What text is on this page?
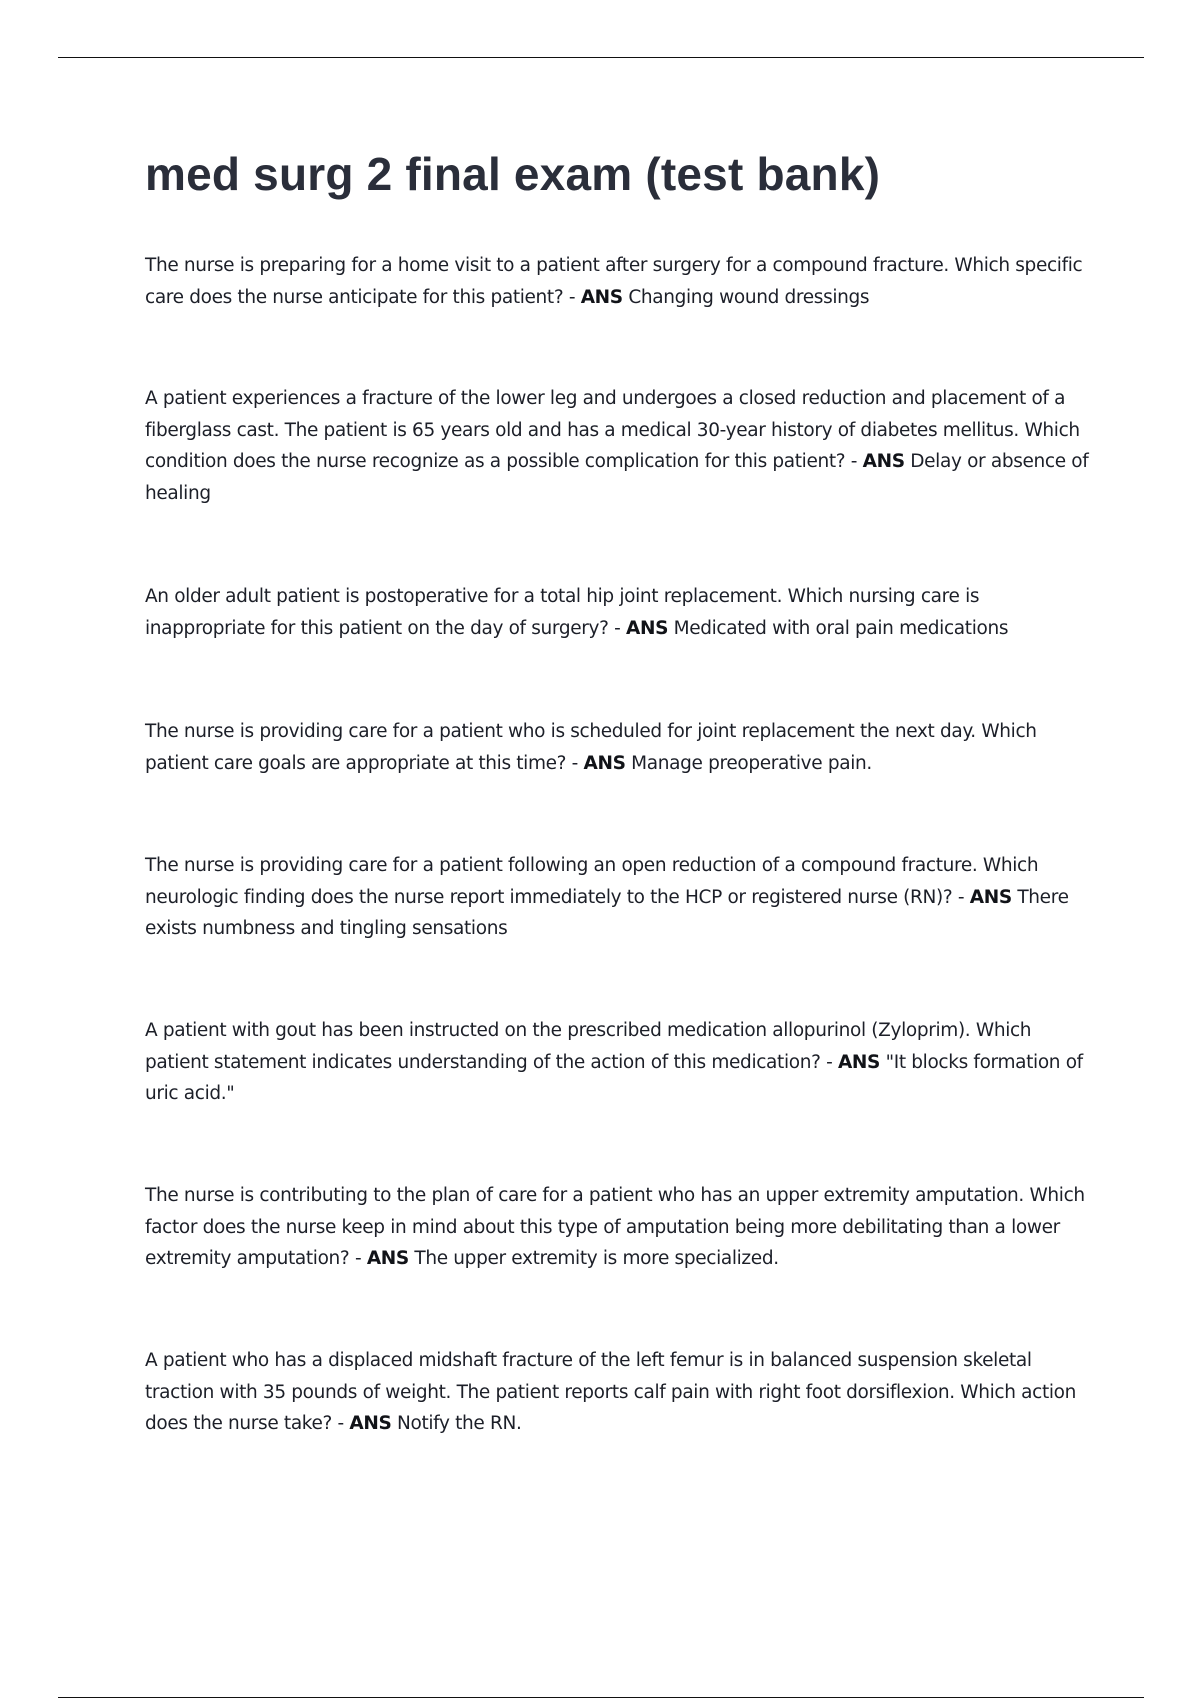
med surg 2 final exam (test bank)

The nurse is preparing for a home visit to a patient after surgery for a compound fracture. Which specific care does the nurse anticipate for this patient? - ANS Changing wound dressings

A patient experiences a fracture of the lower leg and undergoes a closed reduction and placement of a fiberglass cast. The patient is 65 years old and has a medical 30-year history of diabetes mellitus. Which condition does the nurse recognize as a possible complication for this patient? - ANS Delay or absence of healing

An older adult patient is postoperative for a total hip joint replacement. Which nursing care is inappropriate for this patient on the day of surgery? - ANS Medicated with oral pain medications

The nurse is providing care for a patient who is scheduled for joint replacement the next day. Which patient care goals are appropriate at this time? - ANS Manage preoperative pain.

The nurse is providing care for a patient following an open reduction of a compound fracture. Which neurologic finding does the nurse report immediately to the HCP or registered nurse (RN)? - ANS There exists numbness and tingling sensations

A patient with gout has been instructed on the prescribed medication allopurinol (Zyloprim). Which patient statement indicates understanding of the action of this medication? - ANS "It blocks formation of uric acid."

The nurse is contributing to the plan of care for a patient who has an upper extremity amputation. Which factor does the nurse keep in mind about this type of amputation being more debilitating than a lower extremity amputation? - ANS The upper extremity is more specialized.

A patient who has a displaced midshaft fracture of the left femur is in balanced suspension skeletal traction with 35 pounds of weight. The patient reports calf pain with right foot dorsiflexion. Which action does the nurse take? - ANS Notify the RN.
